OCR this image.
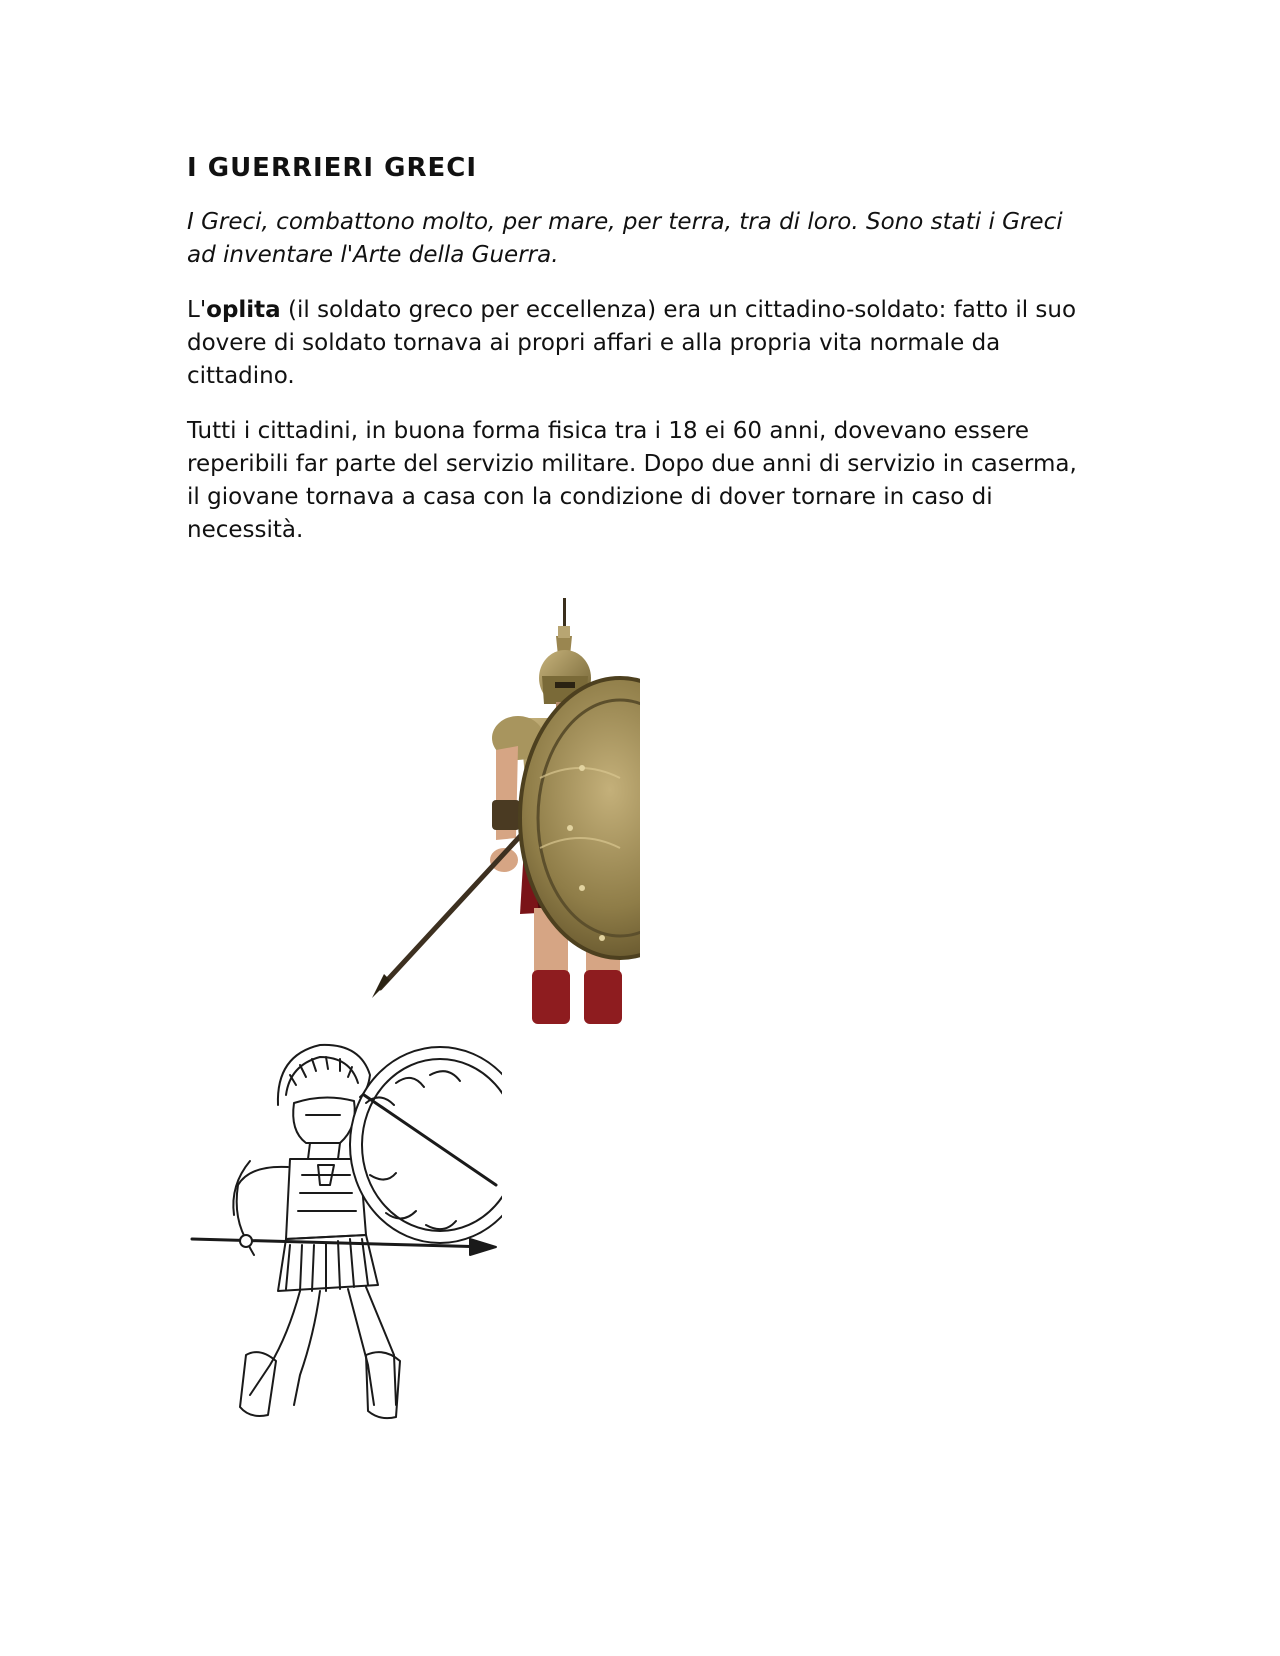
I GUERRIERI GRECI

I Greci, combattono molto, per mare, per terra, tra di loro. Sono stati i Greci ad inventare l'Arte della Guerra.

L'oplita (il soldato greco per eccellenza) era un cittadino-soldato: fatto il suo dovere di soldato tornava ai propri affari e alla propria vita normale da cittadino.

Tutti i cittadini, in buona forma fisica tra i 18 ei 60 anni, dovevano essere reperibili far parte del servizio militare. Dopo due anni di servizio in caserma, il giovane tornava a casa con la condizione di dover tornare in caso di necessità.
